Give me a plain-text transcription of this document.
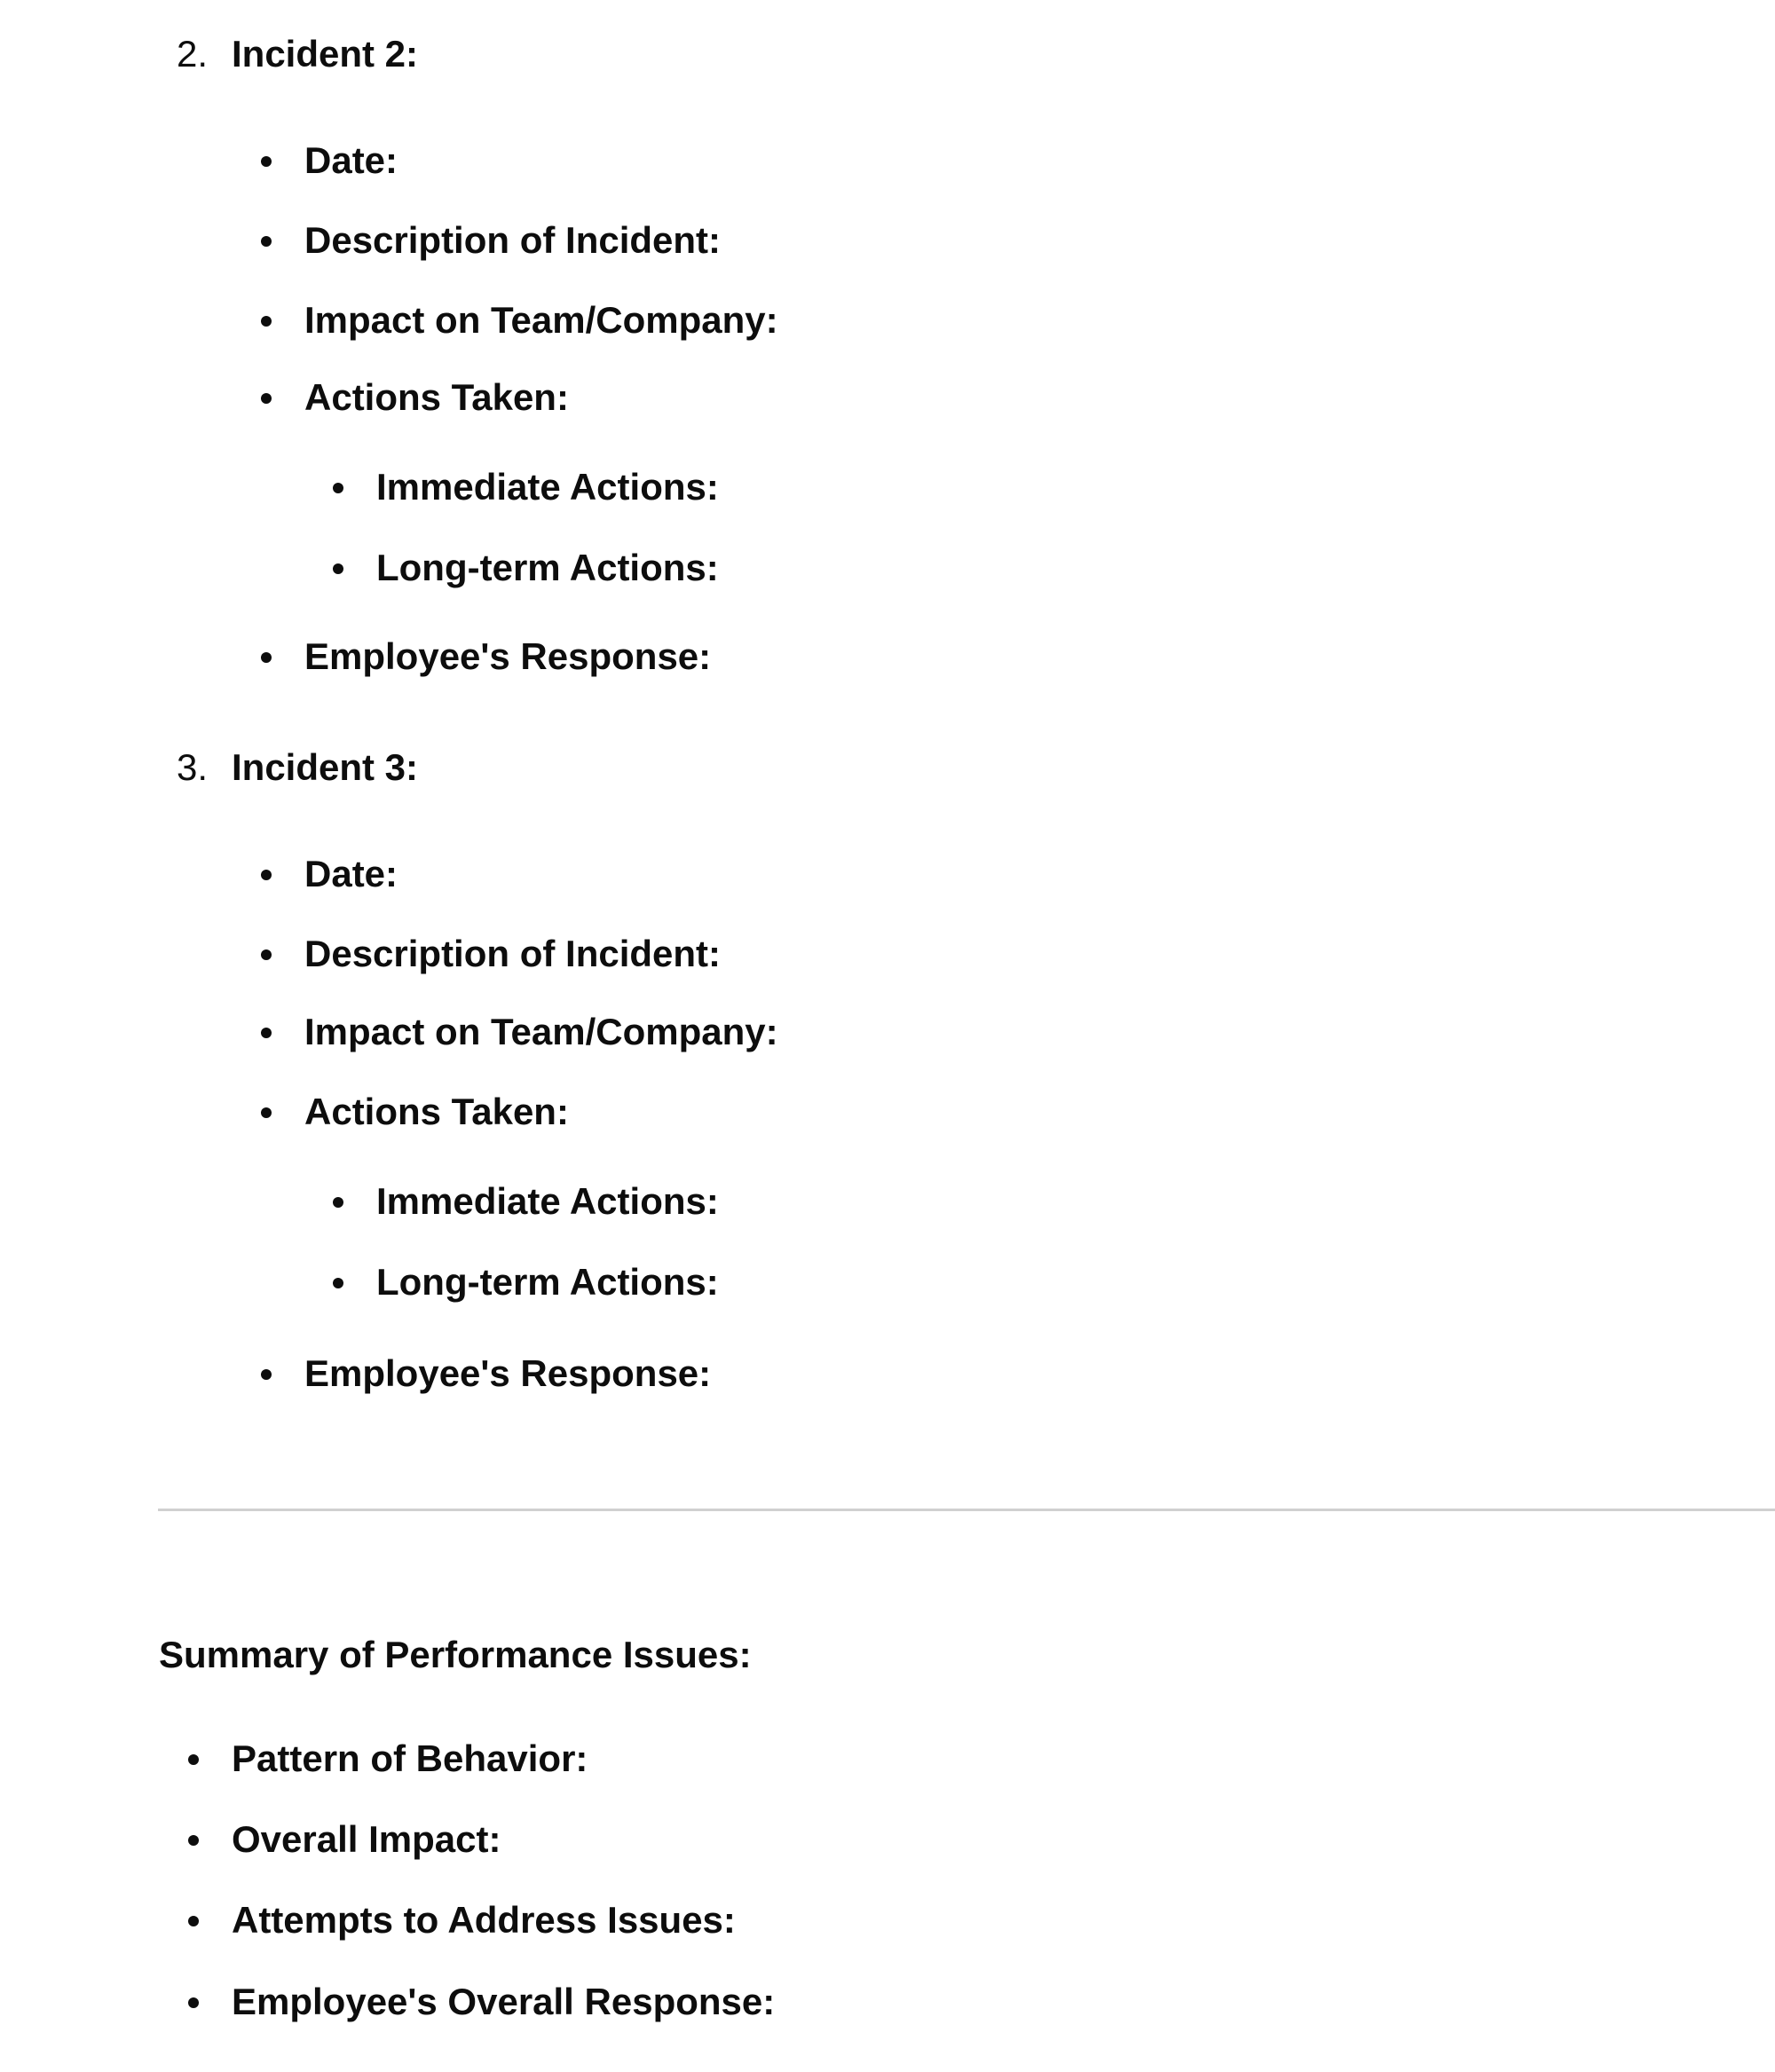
2. Incident 2:
Date:
Description of Incident:
Impact on Team/Company:
Actions Taken:
Immediate Actions:
Long-term Actions:
Employee's Response:
3. Incident 3:
Date:
Description of Incident:
Impact on Team/Company:
Actions Taken:
Immediate Actions:
Long-term Actions:
Employee's Response:
Summary of Performance Issues:
Pattern of Behavior:
Overall Impact:
Attempts to Address Issues:
Employee's Overall Response:
